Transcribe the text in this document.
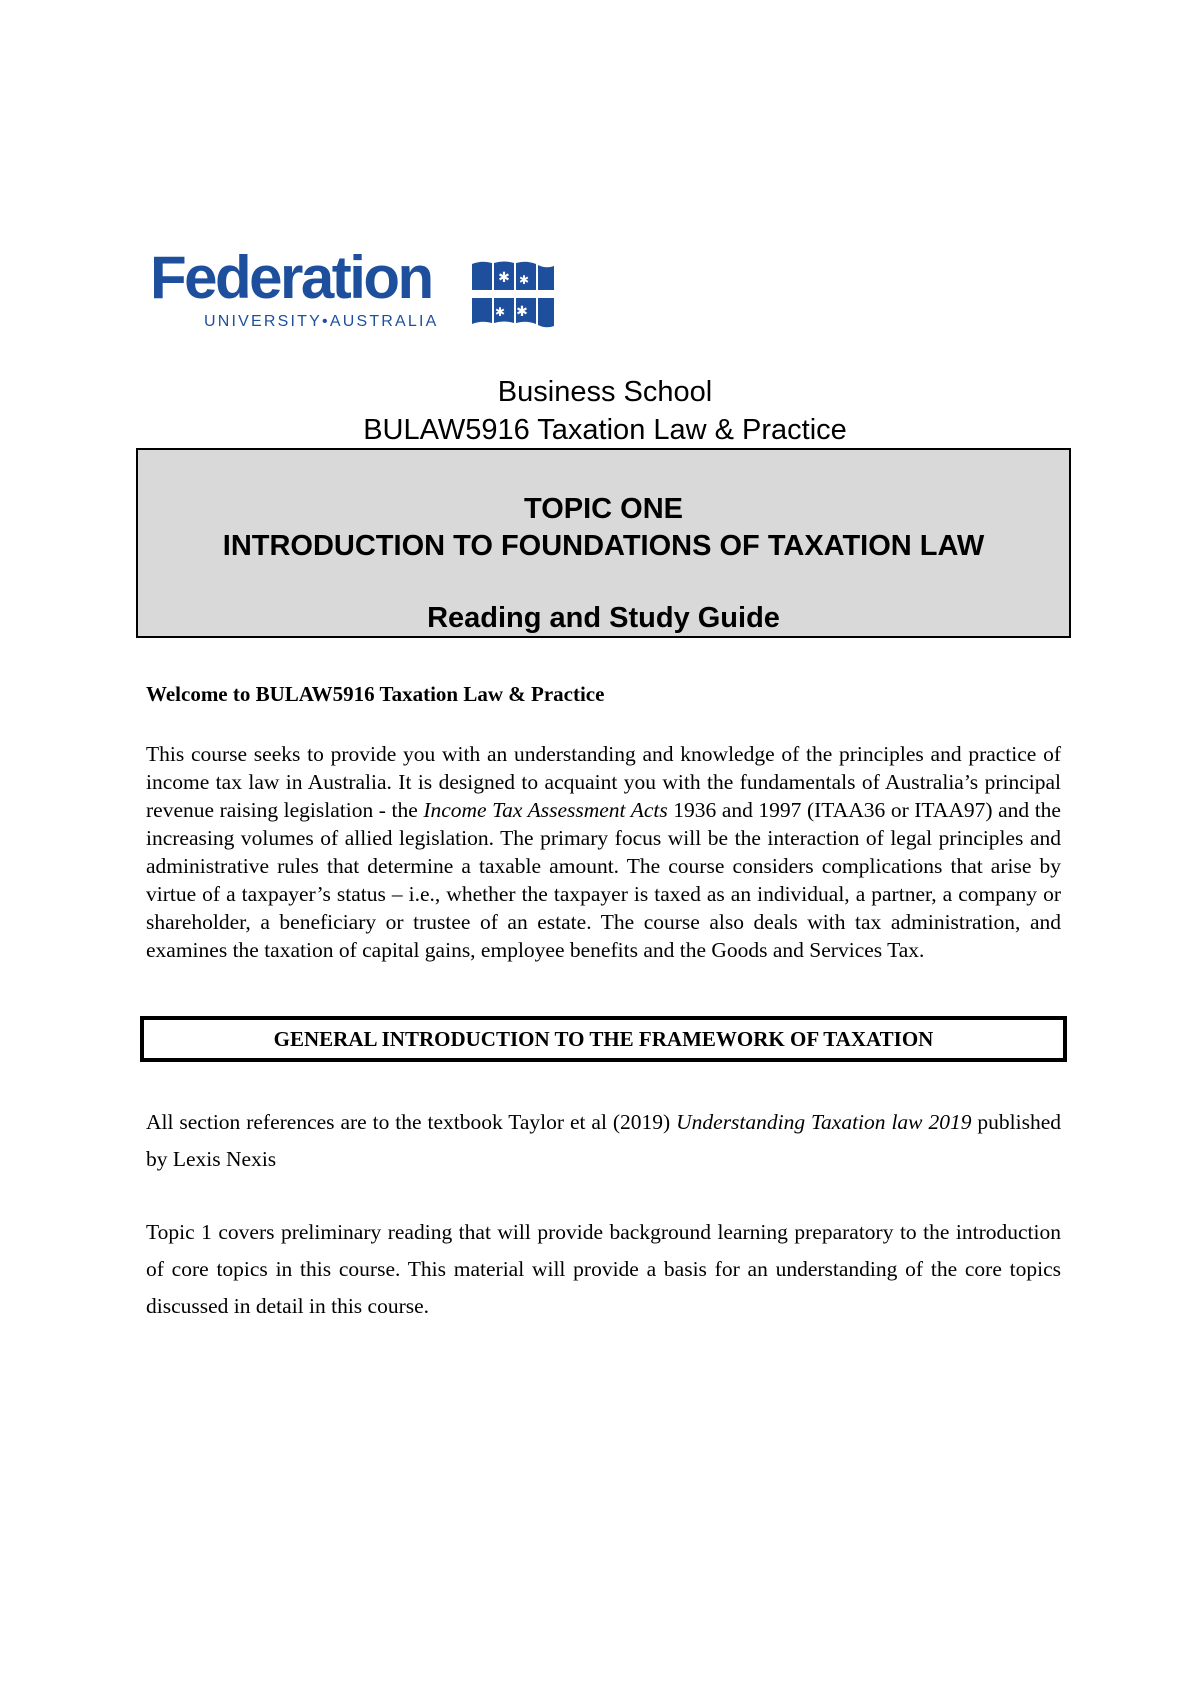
Federation
UNIVERSITY•AUSTRALIA
✱ ✱
✱ ✱
Business School
BULAW5916 Taxation Law & Practice
TOPIC ONE
INTRODUCTION TO FOUNDATIONS OF TAXATION LAW
Reading and Study Guide
Welcome to BULAW5916 Taxation Law & Practice

This course seeks to provide you with an understanding and knowledge of the principles and practice of income tax law in Australia. It is designed to acquaint you with the fundamentals of Australia’s principal revenue raising legislation - the Income Tax Assessment Acts 1936 and 1997 (ITAA36 or ITAA97) and the increasing volumes of allied legislation. The primary focus will be the interaction of legal principles and administrative rules that determine a taxable amount. The course considers complications that arise by virtue of a taxpayer’s status – i.e., whether the taxpayer is taxed as an individual, a partner, a company or shareholder, a beneficiary or trustee of an estate. The course also deals with tax administration, and examines the taxation of capital gains, employee benefits and the Goods and Services Tax.

GENERAL INTRODUCTION TO THE FRAMEWORK OF TAXATION

All section references are to the textbook Taylor et al (2019) Understanding Taxation law 2019 published by Lexis Nexis

Topic 1 covers preliminary reading that will provide background learning preparatory to the introduction of core topics in this course. This material will provide a basis for an understanding of the core topics discussed in detail in this course.
